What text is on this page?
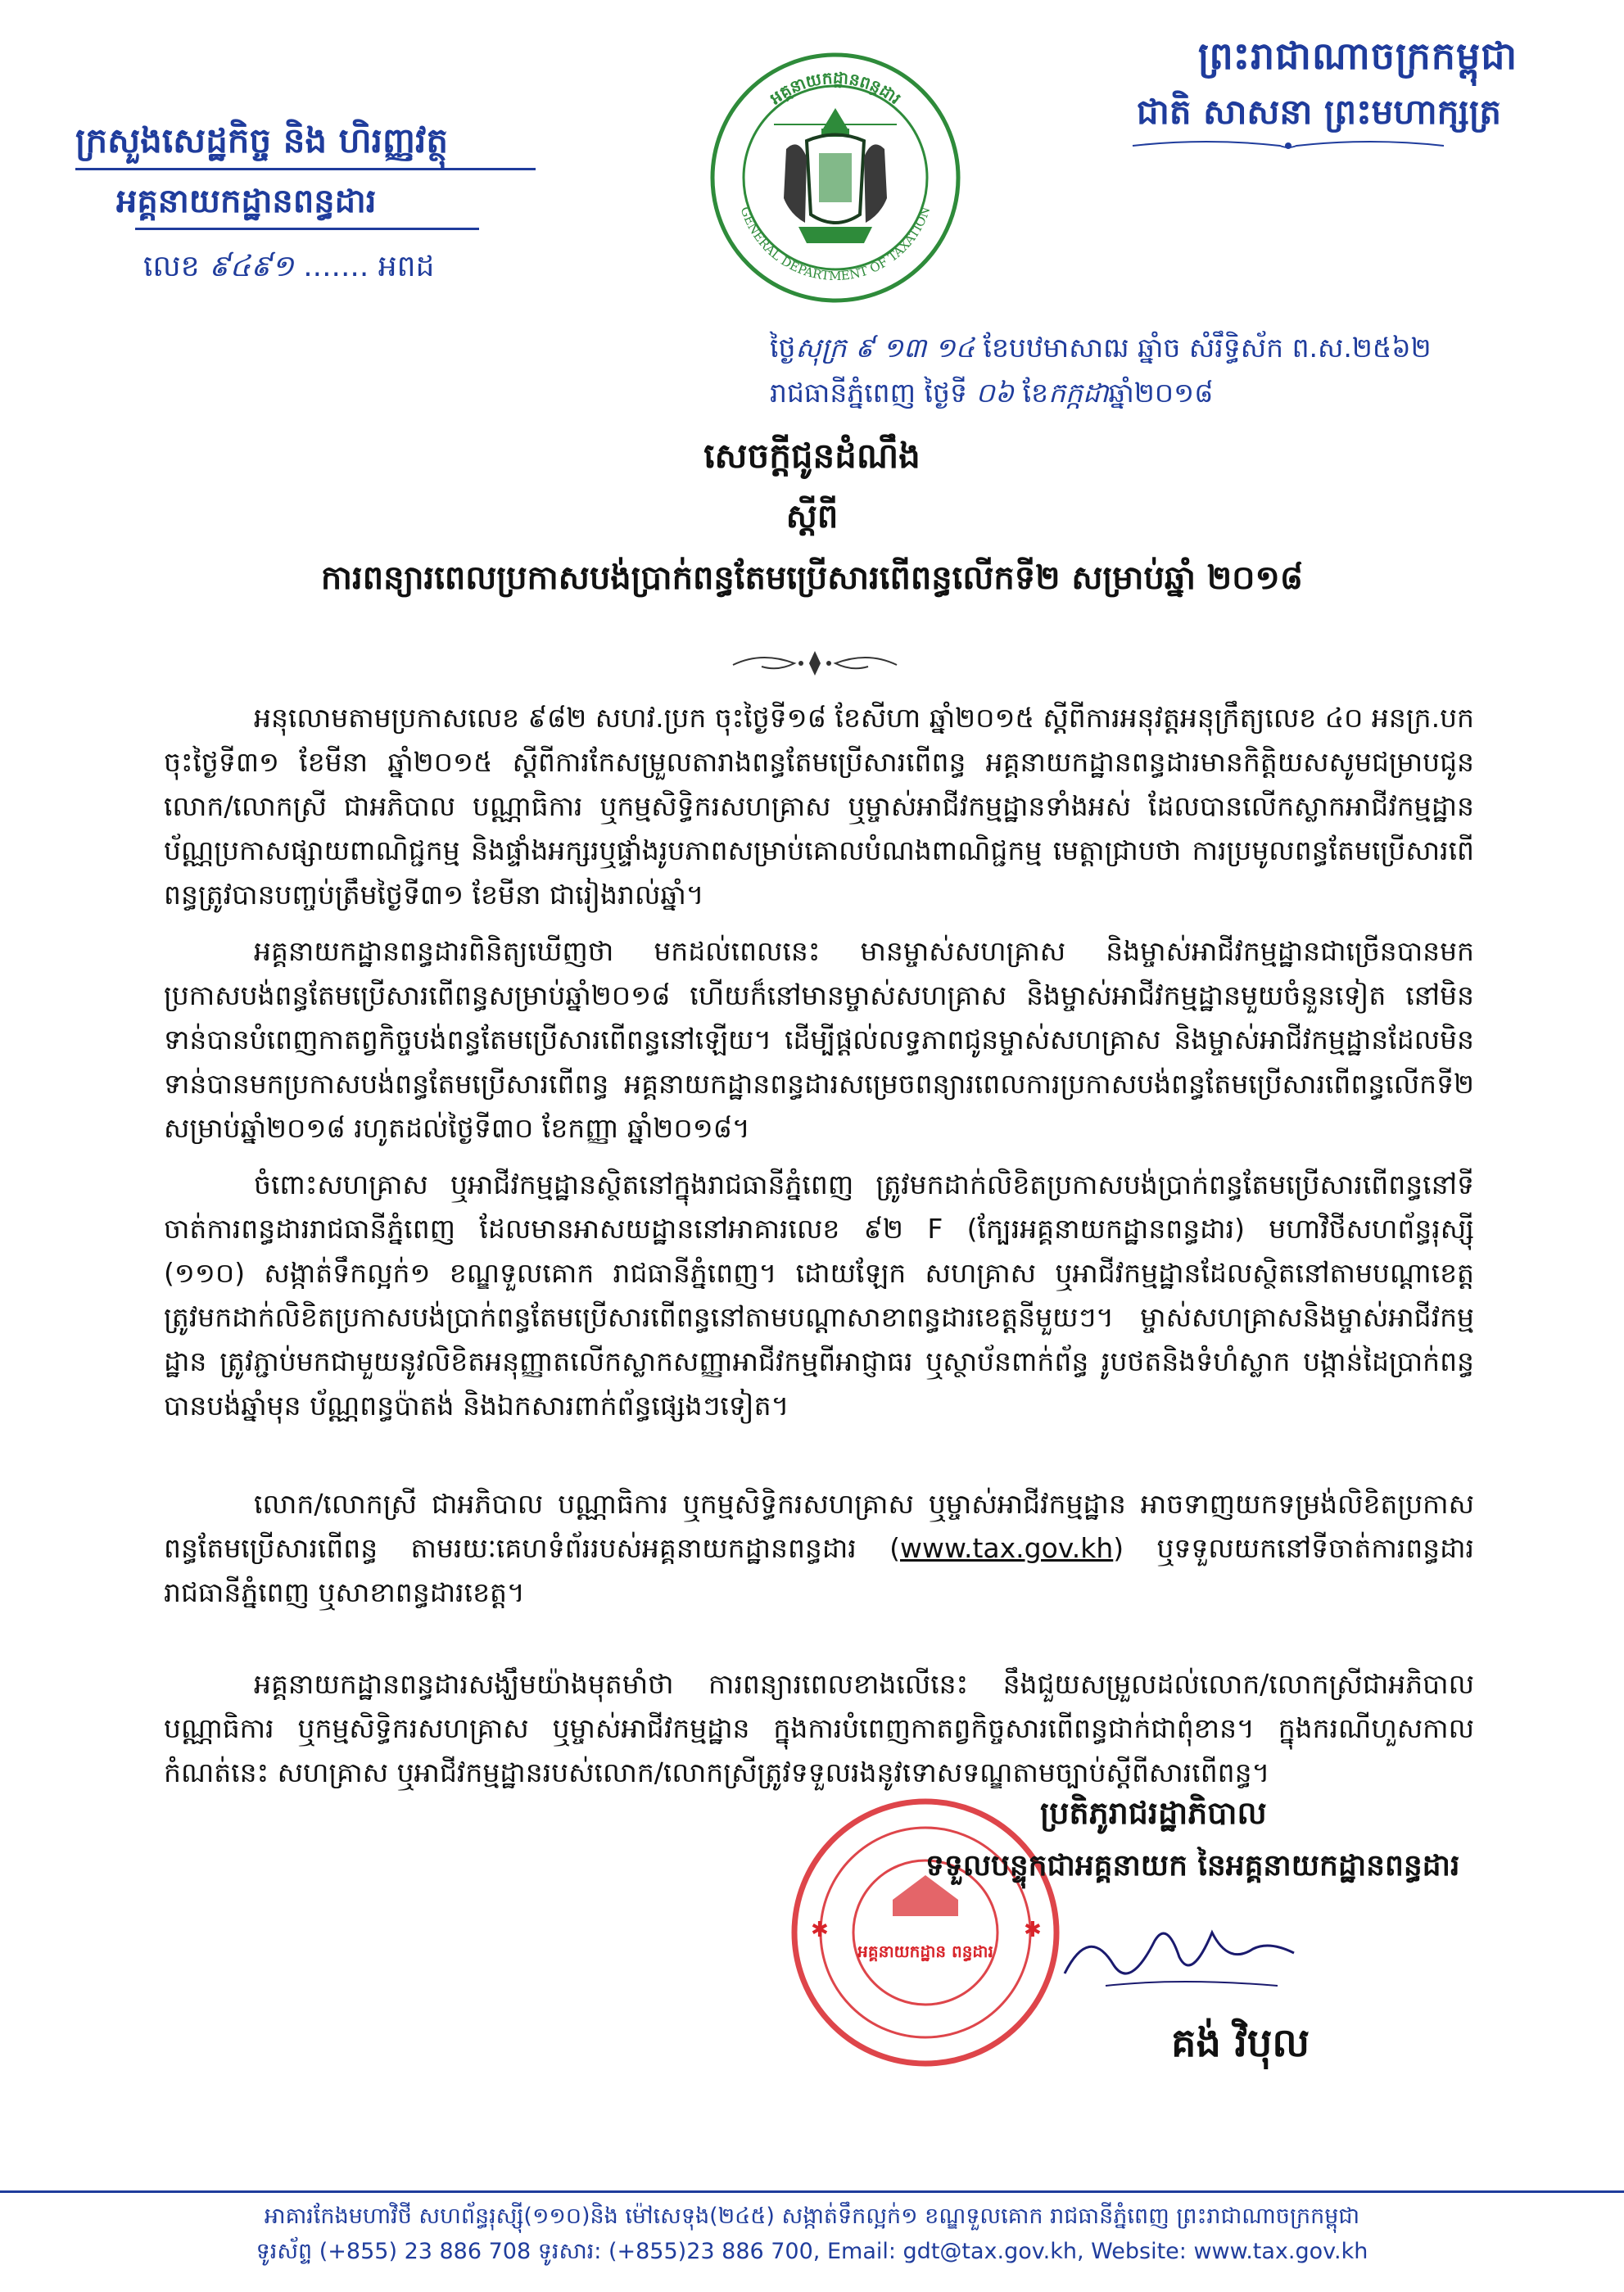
ព្រះរាជាណាចក្រកម្ពុជា
ជាតិ សាសនា ព្រះមហាក្សត្រ
ក្រសួងសេដ្ឋកិច្ច និង ហិរញ្ញវត្ថុ
អគ្គនាយកដ្ឋានពន្ធដារ
លេខ ៩៤៩១ ....... អពដ
អគ្គនាយកដ្ឋានពន្ធដារ
GENERAL DEPARTMENT OF TAXATION
ថ្ងៃសុក្រ ៩ ១៣ ១៤ ខែបឋមាសាឍ ឆ្នាំច សំរឹទ្ធិស័ក ព.ស.២៥៦២
រាជធានីភ្នំពេញ ថ្ងៃទី ០៦ ខែកក្កដាឆ្នាំ២០១៨
សេចក្ដីជូនដំណឹង
ស្ដីពី
ការពន្យារពេលប្រកាសបង់ប្រាក់ពន្ធតែមប្រើសារពើពន្ធលើកទី២ សម្រាប់ឆ្នាំ ២០១៨
អនុលោមតាមប្រកាសលេខ ៩៨២ សហវ.ប្រក ចុះថ្ងៃទី១៨ ខែសីហា ឆ្នាំ២០១៥ ស្ដីពីការអនុវត្តអនុក្រឹត្យលេខ ៤០ អនក្រ.បក ចុះថ្ងៃទី៣១ ខែមីនា ឆ្នាំ២០១៥ ស្ដីពីការកែសម្រួលតារាងពន្ធតែមប្រើសារពើពន្ធ អគ្គនាយកដ្ឋានពន្ធដារមានកិត្តិយសសូមជម្រាបជូន លោក/លោកស្រី ជាអភិបាល បណ្ណាធិការ ឬកម្មសិទ្ធិករសហគ្រាស ឬម្ចាស់អាជីវកម្មដ្ឋានទាំងអស់ ដែលបានលើកស្លាកអាជីវកម្មដ្ឋាន ប័ណ្ណប្រកាសផ្សាយពាណិជ្ជកម្ម និងផ្ទាំងអក្សរឬផ្ទាំងរូបភាពសម្រាប់គោលបំណងពាណិជ្ជកម្ម មេត្តាជ្រាបថា ការប្រមូលពន្ធតែមប្រើសារពើពន្ធត្រូវបានបញ្ចប់ត្រឹមថ្ងៃទី៣១ ខែមីនា ជារៀងរាល់ឆ្នាំ។
អគ្គនាយកដ្ឋានពន្ធដារពិនិត្យឃើញថា មកដល់ពេលនេះ មានម្ចាស់សហគ្រាស និងម្ចាស់អាជីវកម្មដ្ឋានជាច្រើនបានមកប្រកាសបង់ពន្ធតែមប្រើសារពើពន្ធសម្រាប់ឆ្នាំ២០១៨ ហើយក៏នៅមានម្ចាស់សហគ្រាស និងម្ចាស់អាជីវកម្មដ្ឋានមួយចំនួនទៀត នៅមិនទាន់បានបំពេញកាតព្វកិច្ចបង់ពន្ធតែមប្រើសារពើពន្ធនៅឡើយ។ ដើម្បីផ្ដល់លទ្ធភាពជូនម្ចាស់សហគ្រាស និងម្ចាស់អាជីវកម្មដ្ឋានដែលមិនទាន់បានមកប្រកាសបង់ពន្ធតែមប្រើសារពើពន្ធ អគ្គនាយកដ្ឋានពន្ធដារសម្រេចពន្យារពេលការប្រកាសបង់ពន្ធតែមប្រើសារពើពន្ធលើកទី២ សម្រាប់ឆ្នាំ២០១៨ រហូតដល់ថ្ងៃទី៣០ ខែកញ្ញា ឆ្នាំ២០១៨។
ចំពោះសហគ្រាស ឬអាជីវកម្មដ្ឋានស្ថិតនៅក្នុងរាជធានីភ្នំពេញ ត្រូវមកដាក់លិខិតប្រកាសបង់ប្រាក់ពន្ធតែមប្រើសារពើពន្ធនៅទីចាត់ការពន្ធដាររាជធានីភ្នំពេញ ដែលមានអាសយដ្ឋាននៅអាគារលេខ ៩២ F (ក្បែរអគ្គនាយកដ្ឋានពន្ធដារ) មហាវិថីសហព័ន្ធរុស្ស៊ី (១១០) សង្កាត់ទឹកល្អក់១ ខណ្ឌទួលគោក រាជធានីភ្នំពេញ។ ដោយឡែក សហគ្រាស ឬអាជីវកម្មដ្ឋានដែលស្ថិតនៅតាមបណ្ដាខេត្ត ត្រូវមកដាក់លិខិតប្រកាសបង់ប្រាក់ពន្ធតែមប្រើសារពើពន្ធនៅតាមបណ្ដាសាខាពន្ធដារខេត្តនីមួយៗ។ ម្ចាស់សហគ្រាសនិងម្ចាស់អាជីវកម្មដ្ឋាន ត្រូវភ្ជាប់មកជាមួយនូវលិខិតអនុញ្ញាតលើកស្លាកសញ្ញាអាជីវកម្មពីអាជ្ញាធរ ឬស្ថាប័នពាក់ព័ន្ធ រូបថតនិងទំហំស្លាក បង្កាន់ដៃប្រាក់ពន្ធបានបង់ឆ្នាំមុន ប័ណ្ណពន្ធប៉ាតង់ និងឯកសារពាក់ព័ន្ធផ្សេងៗទៀត។
លោក/លោកស្រី ជាអភិបាល បណ្ណាធិការ ឬកម្មសិទ្ធិករសហគ្រាស ឬម្ចាស់អាជីវកម្មដ្ឋាន អាចទាញយកទម្រង់លិខិតប្រកាសពន្ធតែមប្រើសារពើពន្ធ តាមរយៈគេហទំព័ររបស់អគ្គនាយកដ្ឋានពន្ធដារ (www.tax.gov.kh) ឬទទួលយកនៅទីចាត់ការពន្ធដាររាជធានីភ្នំពេញ ឬសាខាពន្ធដារខេត្ត។
អគ្គនាយកដ្ឋានពន្ធដារសង្ឃឹមយ៉ាងមុតមាំថា ការពន្យារពេលខាងលើនេះ នឹងជួយសម្រួលដល់លោក/លោកស្រីជាអភិបាល បណ្ណាធិការ ឬកម្មសិទ្ធិករសហគ្រាស ឬម្ចាស់អាជីវកម្មដ្ឋាន ក្នុងការបំពេញកាតព្វកិច្ចសារពើពន្ធជាក់ជាពុំខាន។ ក្នុងករណីហួសកាលកំណត់នេះ សហគ្រាស ឬអាជីវកម្មដ្ឋានរបស់លោក/លោកស្រីត្រូវទទួលរងនូវទោសទណ្ឌតាមច្បាប់ស្ដីពីសារពើពន្ធ។
អគ្គនាយកដ្ឋាន ពន្ធដារ
✱	✱
ប្រតិភូរាជរដ្ឋាភិបាល
ទទួលបន្ទុកជាអគ្គនាយក នៃអគ្គនាយកដ្ឋានពន្ធដារ
គង់ វិបុល
អាគារកែងមហាវិថី សហព័ន្ធរុស្ស៊ី(១១០)និង ម៉ៅសេទុង(២៤៥) សង្កាត់ទឹកល្អក់១ ខណ្ឌទួលគោក រាជធានីភ្នំពេញ ព្រះរាជាណាចក្រកម្ពុជា
ទូរស័ព្ទ (+855) 23 886 708 ទូរសារ: (+855)23 886 700, Email: gdt@tax.gov.kh, Website: www.tax.gov.kh
